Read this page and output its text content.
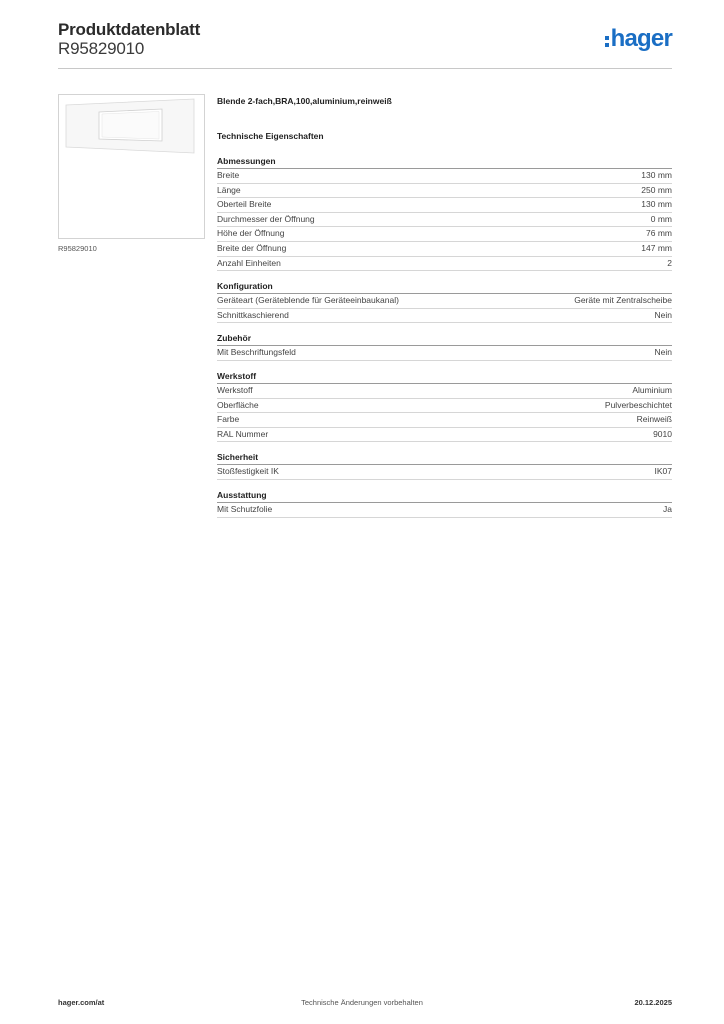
Produktdatenblatt
R95829010	hager
R95829010
Blende 2-fach,BRA,100,aluminium,reinweiß
Technische Eigenschaften
Abmessungen
Breite	130 mm
Länge	250 mm
Oberteil Breite	130 mm
Durchmesser der Öffnung	0 mm
Höhe der Öffnung	76 mm
Breite der Öffnung	147 mm
Anzahl Einheiten	2
Konfiguration
Geräteart (Geräteblende für Geräteeinbaukanal)	Geräte mit Zentralscheibe
Schnittkaschierend	Nein
Zubehör
Mit Beschriftungsfeld	Nein
Werkstoff
Werkstoff	Aluminium
Oberfläche	Pulverbeschichtet
Farbe	Reinweiß
RAL Nummer	9010
Sicherheit
Stoßfestigkeit IK	IK07
Ausstattung
Mit Schutzfolie	Ja
hager.com/at	Technische Änderungen vorbehalten	20.12.2025
